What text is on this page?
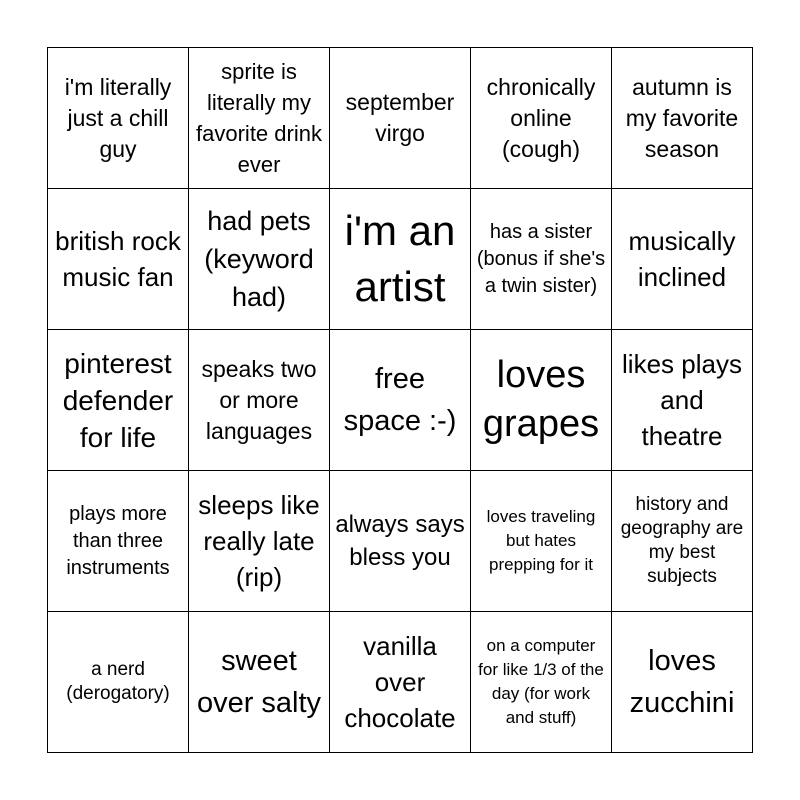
i'm literally just a chill guy
sprite is literally my favorite drink ever
september virgo
chronically online (cough)
autumn is my favorite season
british rock music fan
had pets (keyword had)
i'm an artist
has a sister (bonus if she's a twin sister)
musically inclined
pinterest defender for life
speaks two or more languages
free space :-)
loves grapes
likes plays and theatre
plays more than three instruments
sleeps like really late (rip)
always says bless you
loves traveling but hates prepping for it
history and geography are my best subjects
a nerd (derogatory)
sweet over salty
vanilla over chocolate
on a computer for like 1/3 of the day (for work and stuff)
loves zucchini
